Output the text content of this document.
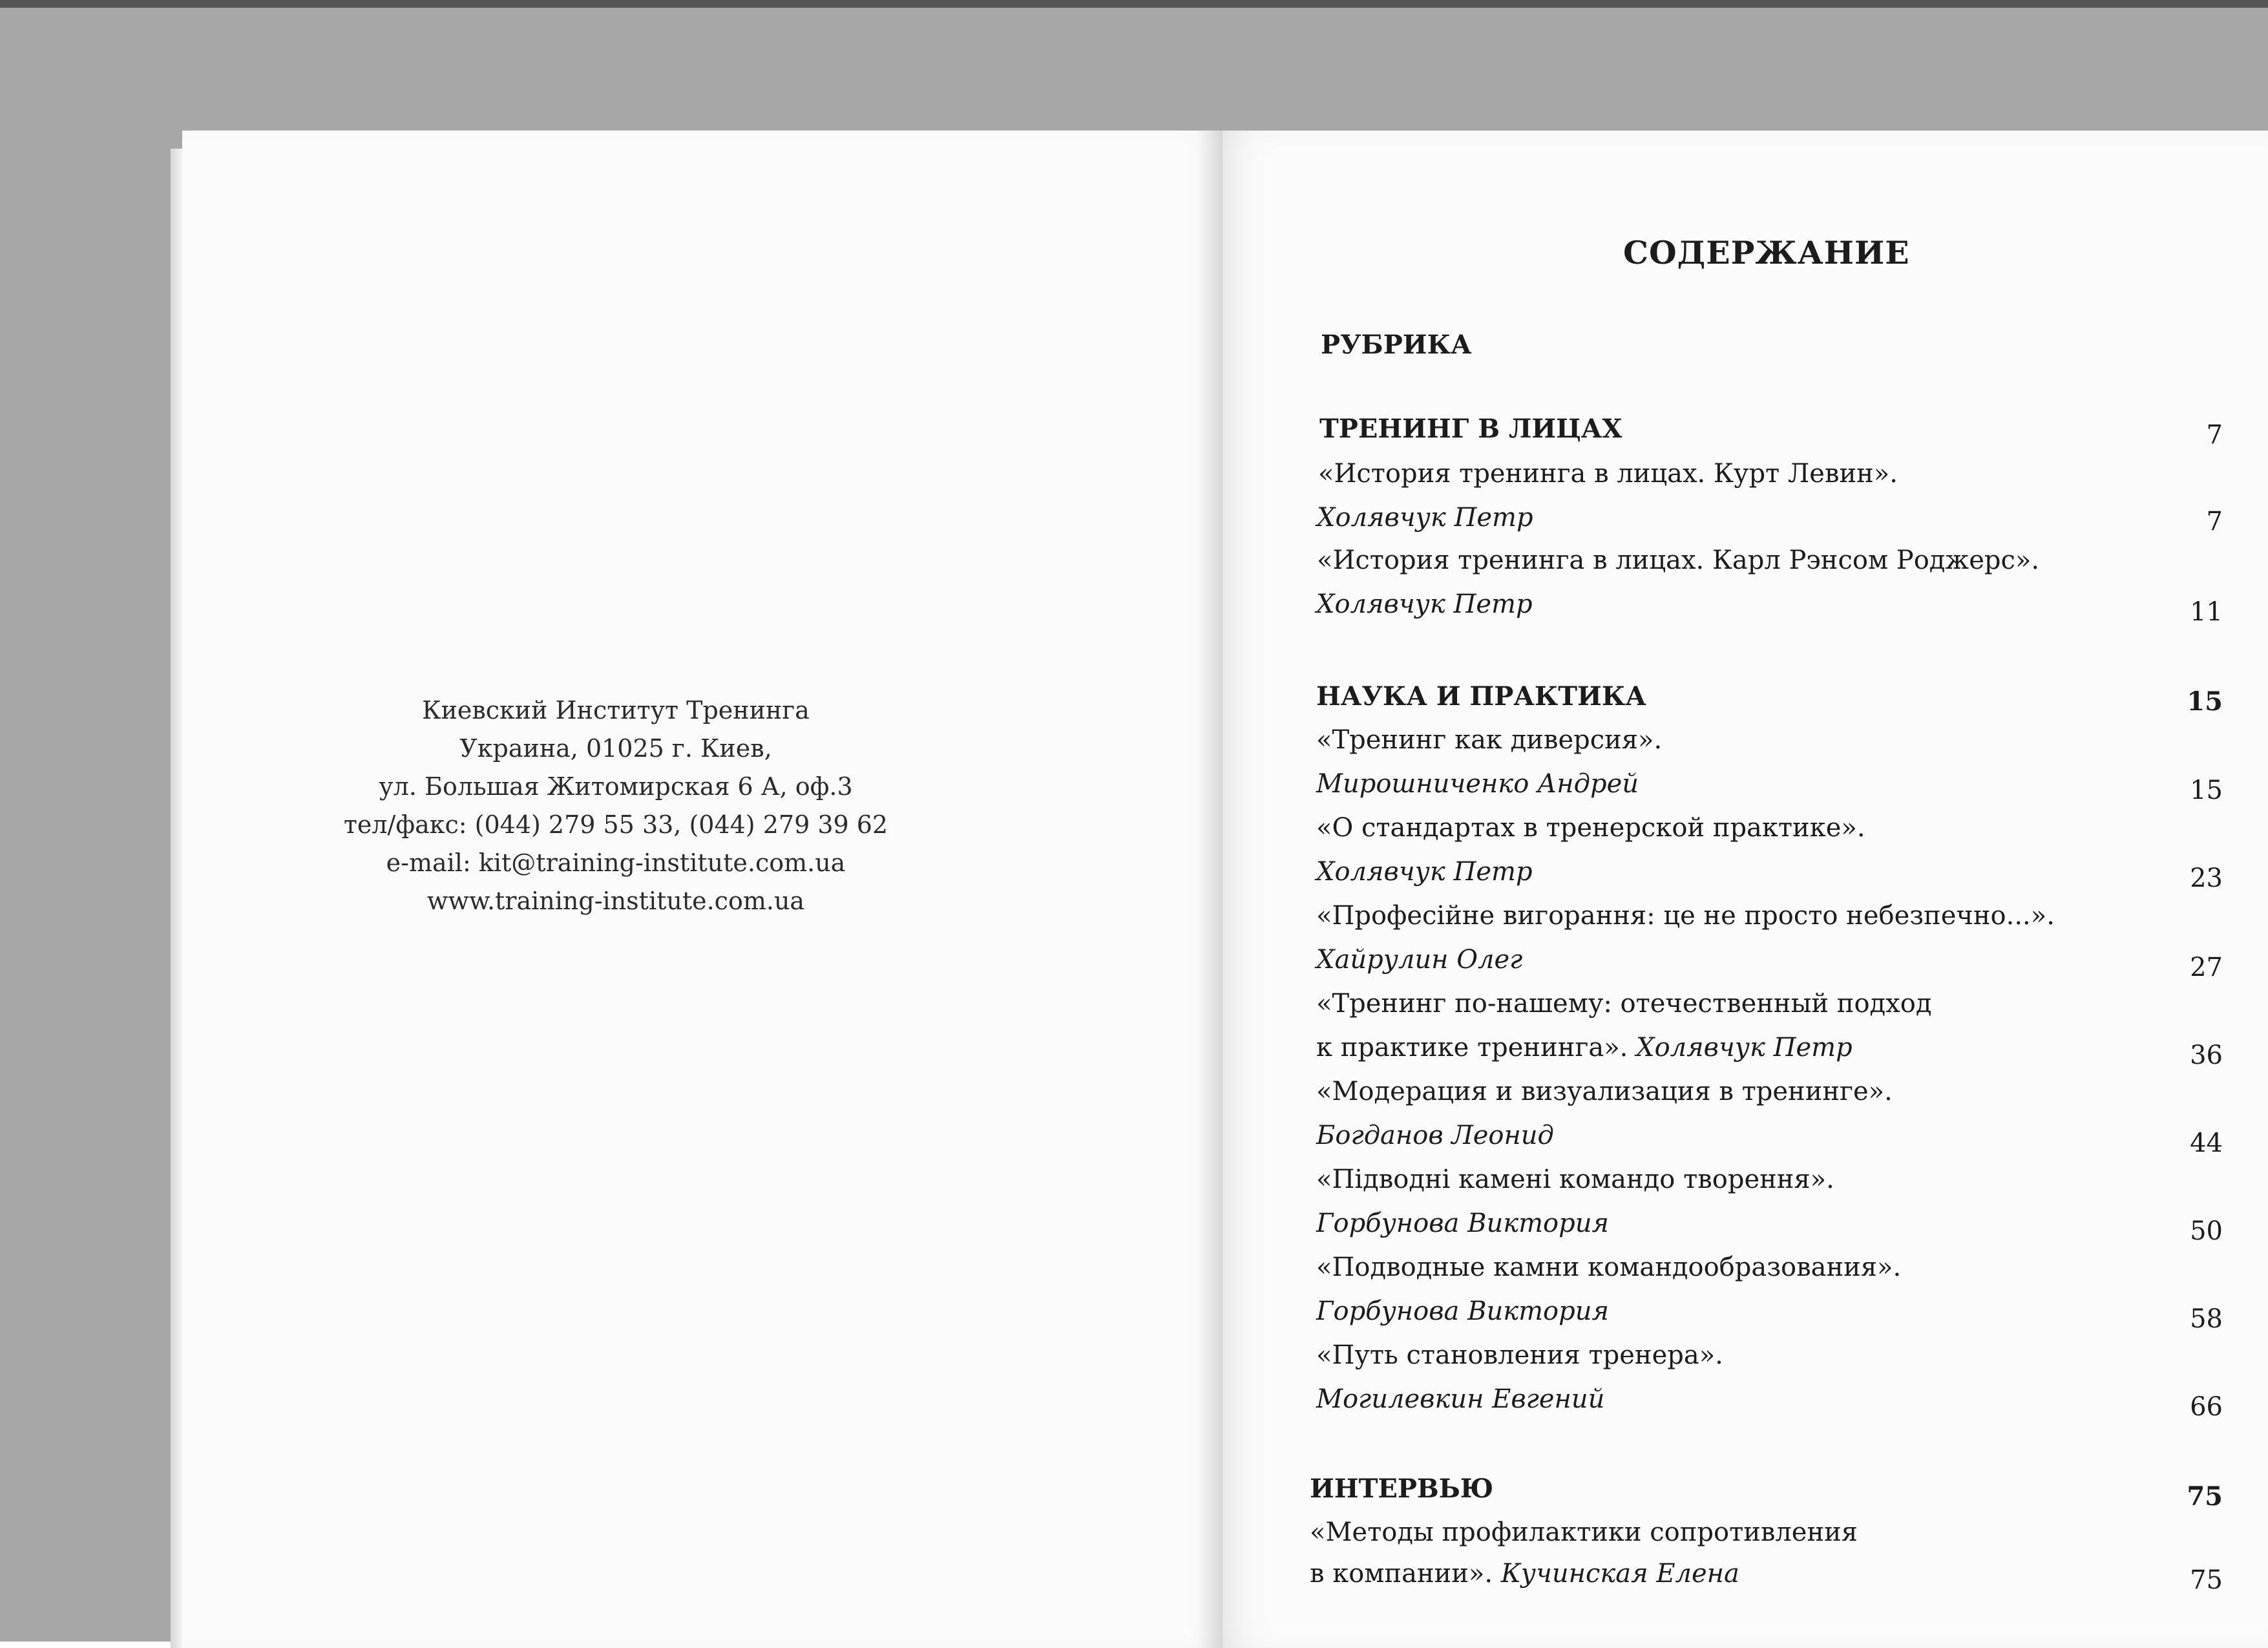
Киевский Институт Тренинга
Украина, 01025 г. Киев,
ул. Большая Житомирская 6 А, оф.3
тел/факс: (044) 279 55 33, (044) 279 39 62
e-mail: kit@training-institute.com.ua
www.training-institute.com.ua
СОДЕРЖАНИЕ
РУБРИКА
ТРЕНИНГ В ЛИЦАХ	7
«История тренинга в лицах. Курт Левин».
Холявчук Петр	7
«История тренинга в лицах. Карл Рэнсом Роджерс».
Холявчук Петр	11
НАУКА И ПРАКТИКА	15
«Тренинг как диверсия».
Мирошниченко Андрей	15
«О стандартах в тренерской практике».
Холявчук Петр	23
«Професійне вигорання: це не просто небезпечно...».
Хайрулин Олег	27
«Тренинг по-нашему: отечественный подход
к практике тренинга». Холявчук Петр	36
«Модерация и визуализация в тренинге».
Богданов Леонид	44
«Підводні камені командо творення».
Горбунова Виктория	50
«Подводные камни командообразования».
Горбунова Виктория	58
«Путь становления тренера».
Могилевкин Евгений	66
ИНТЕРВЬЮ	75
«Методы профилактики сопротивления
в компании». Кучинская Елена	75
